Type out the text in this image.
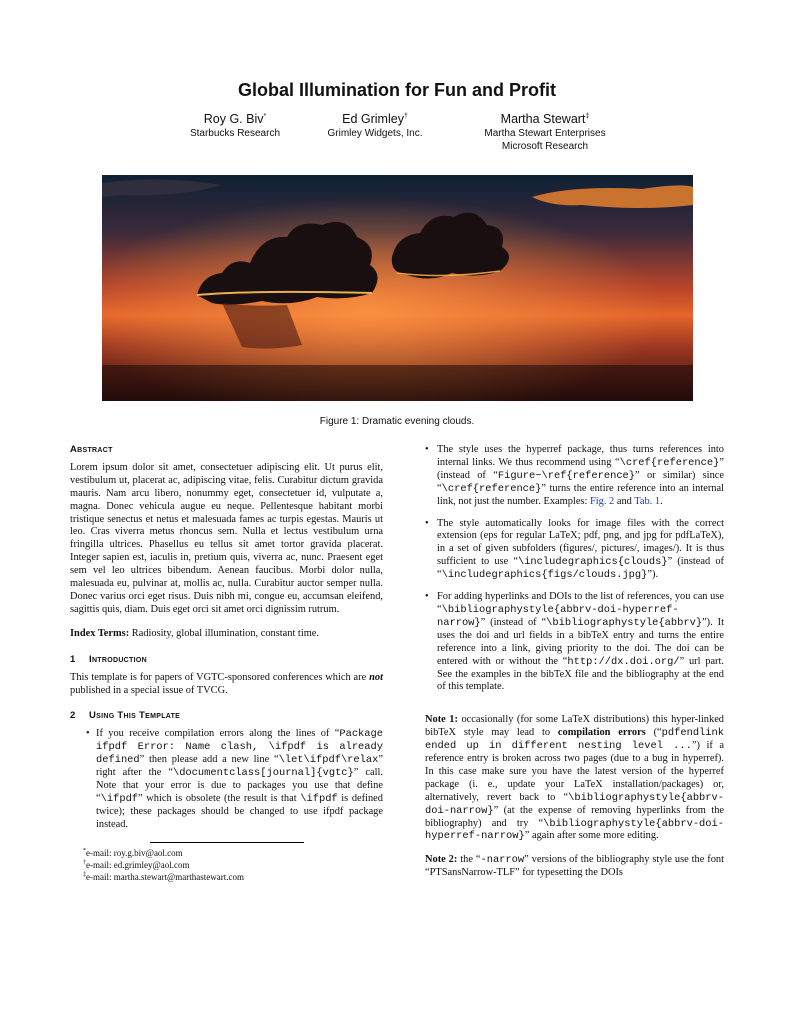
Global Illumination for Fun and Profit
Roy G. Biv*
Starbucks Research
Ed Grimley†
Grimley Widgets, Inc.
Martha Stewart‡
Martha Stewart Enterprises
Microsoft Research
Figure 1: Dramatic evening clouds.
Abstract

Lorem ipsum dolor sit amet, consectetuer adipiscing elit. Ut purus elit, vestibulum ut, placerat ac, adipiscing vitae, felis. Curabitur dictum gravida mauris. Nam arcu libero, nonummy eget, consectetuer id, vulputate a, magna. Donec vehicula augue eu neque. Pellentesque habitant morbi tristique senectus et netus et malesuada fames ac turpis egestas. Mauris ut leo. Cras viverra metus rhoncus sem. Nulla et lectus vestibulum urna fringilla ultrices. Phasellus eu tellus sit amet tortor gravida placerat. Integer sapien est, iaculis in, pretium quis, viverra ac, nunc. Praesent eget sem vel leo ultrices bibendum. Aenean faucibus. Morbi dolor nulla, malesuada eu, pulvinar at, mollis ac, nulla. Curabitur auctor semper nulla. Donec varius orci eget risus. Duis nibh mi, congue eu, accumsan eleifend, sagittis quis, diam. Duis eget orci sit amet orci dignissim rutrum.

Index Terms: Radiosity, global illumination, constant time.

1 Introduction

This template is for papers of VGTC-sponsored conferences which are not published in a special issue of TVCG.

2 Using This Template
• If you receive compilation errors along the lines of “Package ifpdf Error: Name clash, \ifpdf is already defined” then please add a new line “\let\ifpdf\relax” right after the “\documentclass[journal]{vgtc}” call. Note that your error is due to packages you use that define “\ifpdf” which is obsolete (the result is that \ifpdf is defined twice); these packages should be changed to use ifpdf package instead.
*e-mail: roy.g.biv@aol.com
†e-mail: ed.grimley@aol.com
‡e-mail: martha.stewart@marthastewart.com
• The style uses the hyperref package, thus turns references into internal links. We thus recommend using “\cref{reference}” (instead of “Figure~\ref{reference}” or similar) since “\cref{reference}” turns the entire reference into an internal link, not just the number. Examples: Fig. 2 and Tab. 1.
• The style automatically looks for image files with the correct extension (eps for regular LaTeX; pdf, png, and jpg for pdfLaTeX), in a set of given subfolders (figures/, pictures/, images/). It is thus sufficient to use “\includegraphics{clouds}” (instead of “\includegraphics{figs/clouds.jpg}”).
• For adding hyperlinks and DOIs to the list of references, you can use “\bibliographystyle{abbrv-doi-hyperref-narrow}” (instead of “\bibliographystyle{abbrv}”). It uses the doi and url fields in a bibTeX entry and turns the entire reference into a link, giving priority to the doi. The doi can be entered with or without the “http://dx.doi.org/” url part. See the examples in the bibTeX file and the bibliography at the end of this template.

Note 1: occasionally (for some LaTeX distributions) this hyper-linked bibTeX style may lead to compilation errors (“pdfendlink ended up in different nesting level ...”) if a reference entry is broken across two pages (due to a bug in hyperref). In this case make sure you have the latest version of the hyperref package (i. e., update your LaTeX installation/packages) or, alternatively, revert back to “\bibliographystyle{abbrv-doi-narrow}” (at the expense of removing hyperlinks from the bibliography) and try “\bibliographystyle{abbrv-doi-hyperref-narrow}” again after some more editing.

Note 2: the “-narrow” versions of the bibliography style use the font “PTSansNarrow-TLF” for typesetting the DOIs
